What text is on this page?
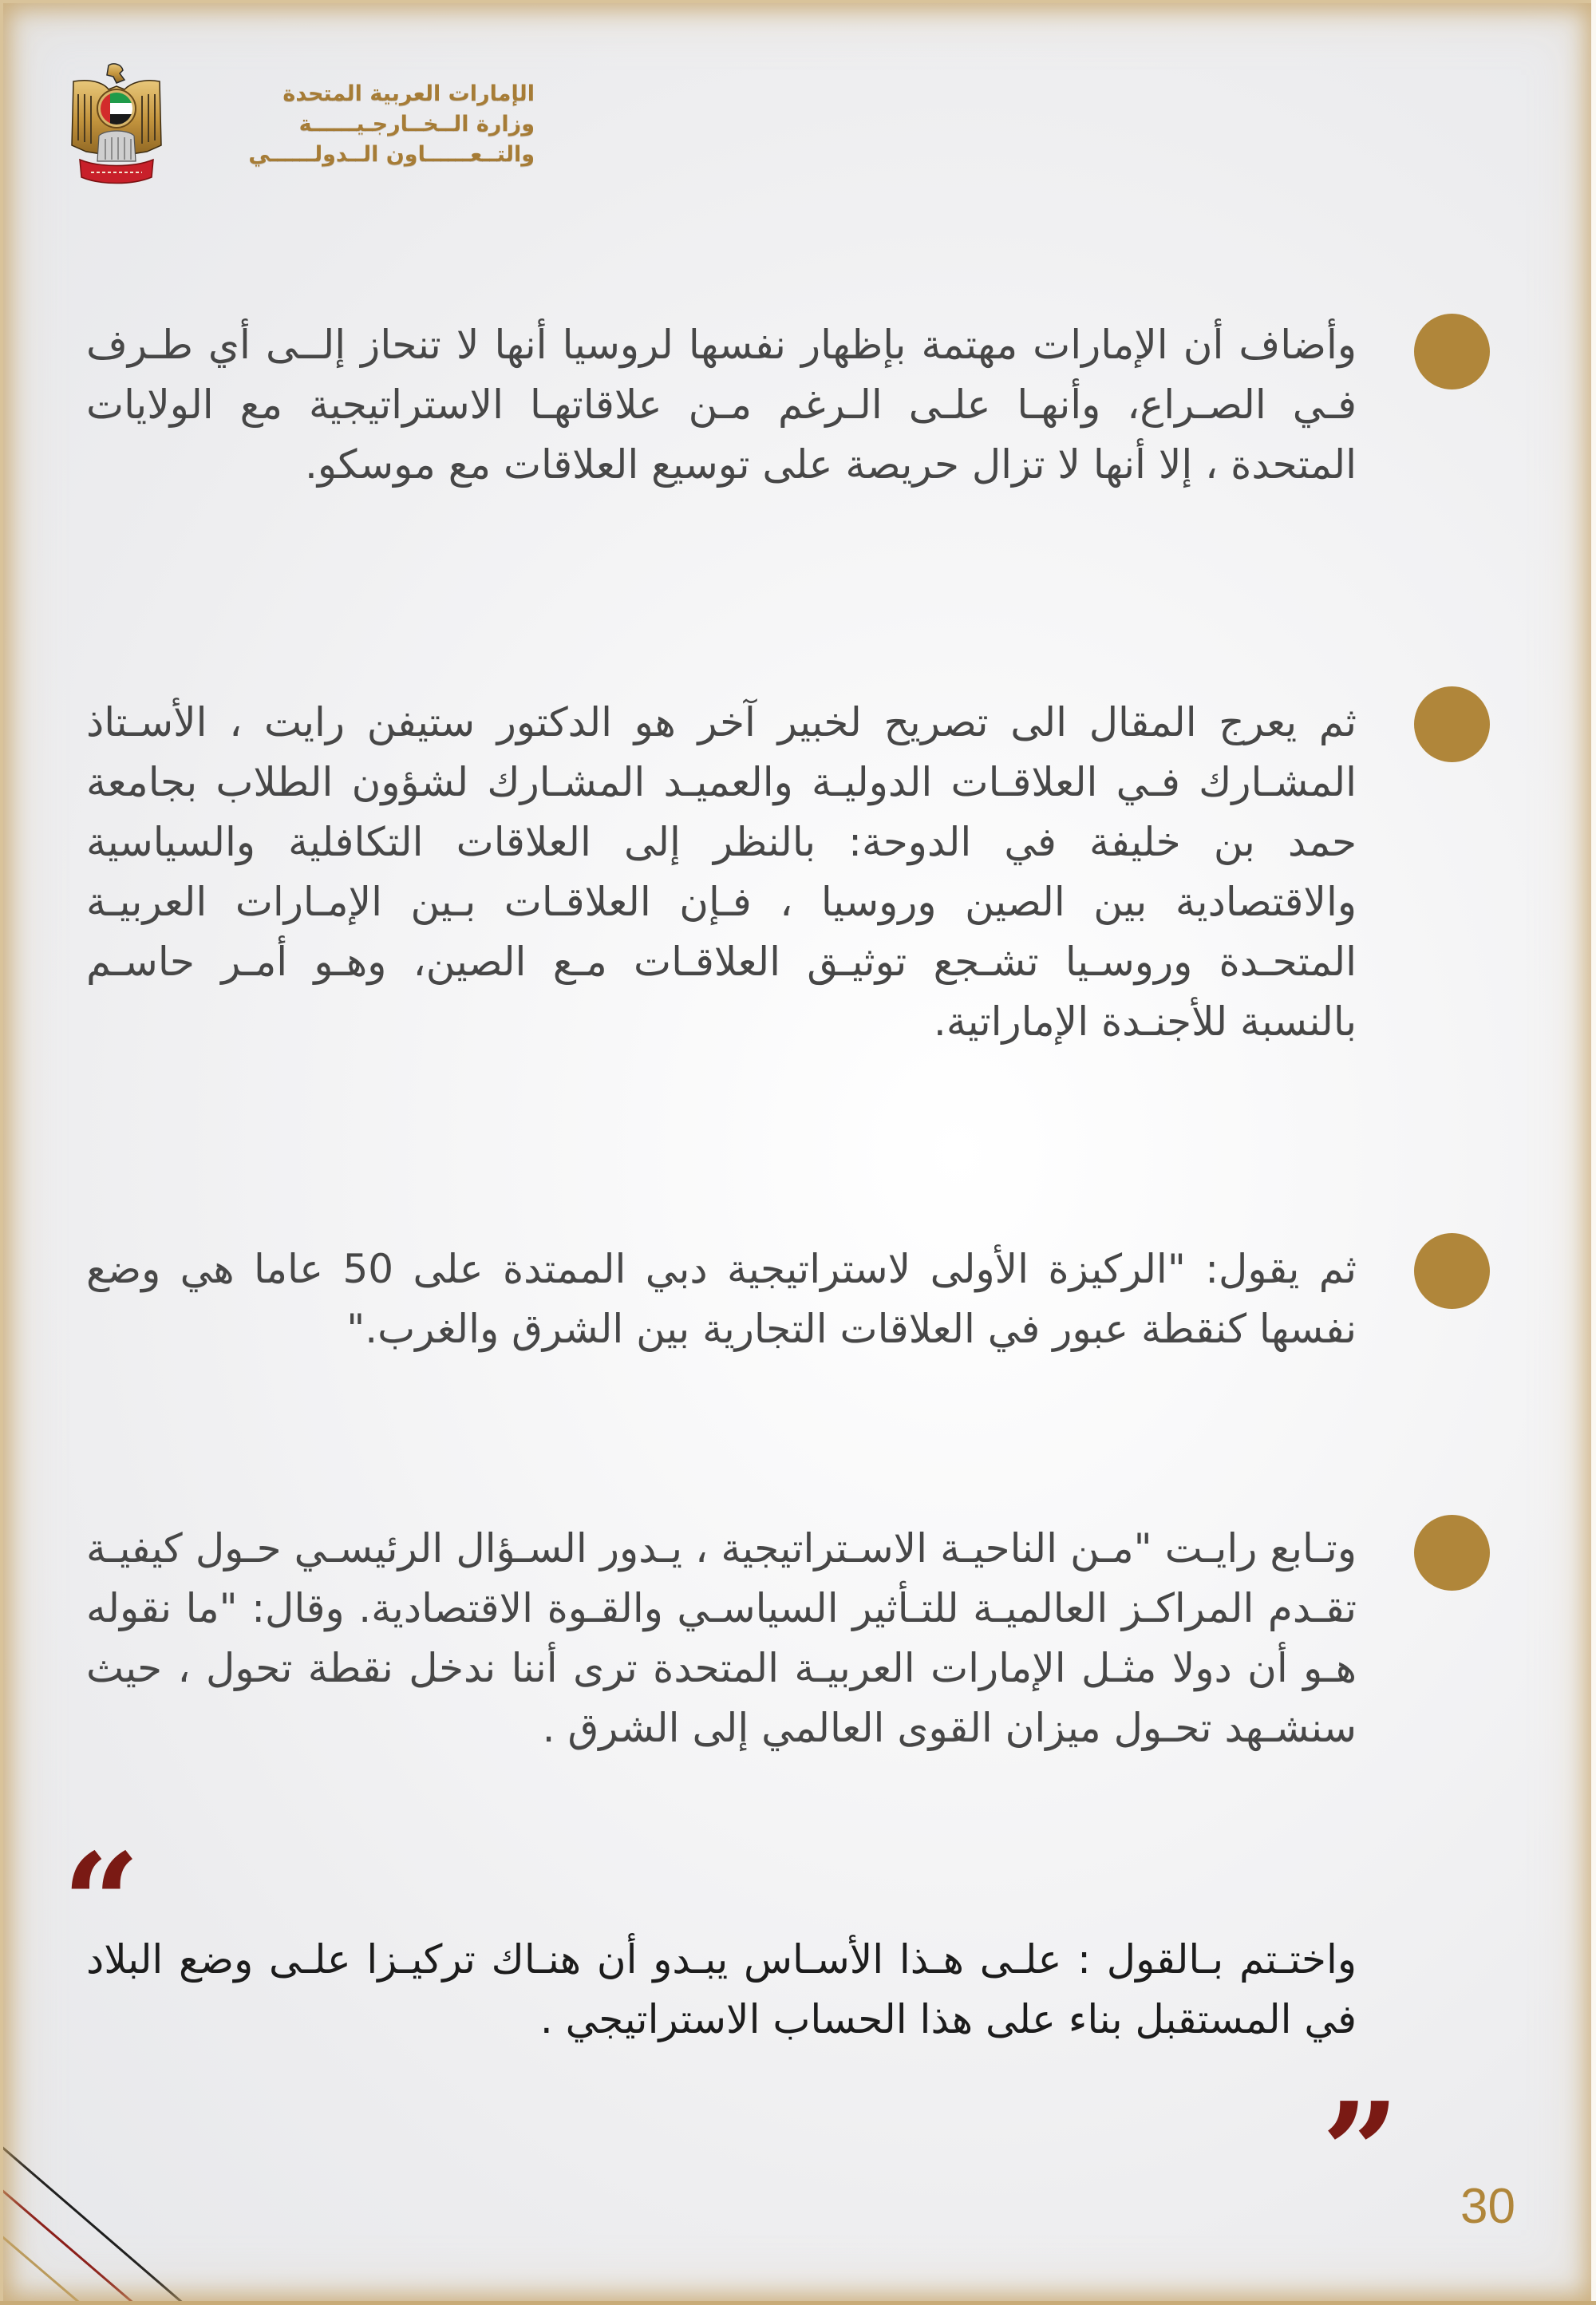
الإمارات العربية المتحدة
وزارة الــخــارجـيــــــة
والتــعــــــاون الــدولــــــي

وأضاف أن الإمارات مهتمة بإظهار نفسها لروسيا أنها لا تنحاز إلــى أي طـرف فـي الصـراع، وأنهـا علـى الـرغم مـن علاقاتهـا الاستراتيجية مع الولايات المتحدة ، إلا أنها لا تزال حريصة على توسيع العلاقات مع موسكو.

ثم يعرج المقال الى تصريح لخبير آخر هو الدكتور ستيفن رايت ، الأسـتاذ المشـارك فـي العلاقـات الدوليـة والعميـد المشـارك لشؤون الطلاب بجامعة حمد بن خليفة في الدوحة: بالنظر إلى العلاقات التكافلية والسياسية والاقتصادية بين الصين وروسيا ، فـإن العلاقـات بـين الإمـارات العربيـة المتحـدة وروسـيا تشـجع توثيـق العلاقـات مـع الصين، وهـو أمـر حاسـم بالنسبة للأجنـدة الإماراتية.

ثم يقول: "الركيزة الأولى لاستراتيجية دبي الممتدة على 50 عاما هي وضع نفسها كنقطة عبور في العلاقات التجارية بين الشرق والغرب."

وتـابع رايـت "مـن الناحيـة الاسـتراتيجية ، يـدور السـؤال الرئيسـي حـول كيفيـة تقـدم المراكـز العالميـة للتـأثير السياسـي والقـوة الاقتصادية. وقال: "ما نقوله هـو أن دولا مثـل الإمارات العربيـة المتحدة ترى أننا ندخل نقطة تحول ، حيث سنشـهد تحـول ميزان القوى العالمي إلى الشرق .

“

واختـتم بـالقول : علـى هـذا الأسـاس يبـدو أن هنـاك تركيـزا علـى وضع البلاد في المستقبل بناء على هذا الحساب الاستراتيجي .

” 30
